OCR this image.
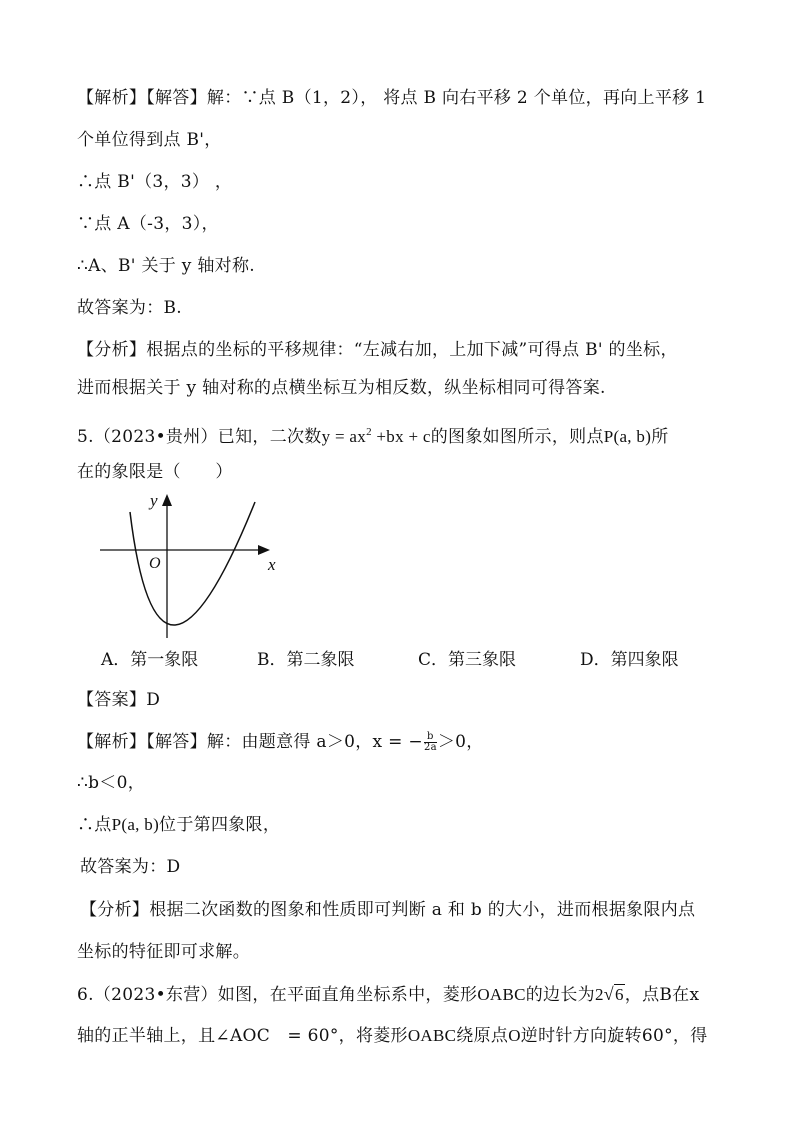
【解析】【解答】解：∵点 B（1，2）， 将点 B 向右平移 2 个单位，再向上平移 1
个单位得到点 B'，
∴点 B'（3，3） ，
∵点 A（-3，3），
∴A、B' 关于 y 轴对称.
故答案为：B.
【分析】根据点的坐标的平移规律：“左减右加，上加下减”可得点 B' 的坐标，
进而根据关于 y 轴对称的点横坐标互为相反数，纵坐标相同可得答案.
5.（2023•贵州）已知，二次数$y = ax^2 +bx + c$的图象如图所示，则点P(a, b)所
在的象限是（　　）
y
x
O
A．第一象限	B．第二象限	C．第三象限	D．第四象限
【答案】D
【解析】【解答】解：由题意得 a＞0，x = − $\frac{b}{2a} >0$，
∴b＜0，
∴点P(a, b)位于第四象限，
故答案为：D
【分析】根据二次函数的图象和性质即可判断 a 和 b 的大小，进而根据象限内点
坐标的特征即可求解。
6.（2023•东营）如图，在平面直角坐标系中，菱形OABC的边长为2√6，点B在x
轴的正半轴上，且∠AOC　= 60°，将菱形OABC绕原点O逆时针方向旋转60°，得
